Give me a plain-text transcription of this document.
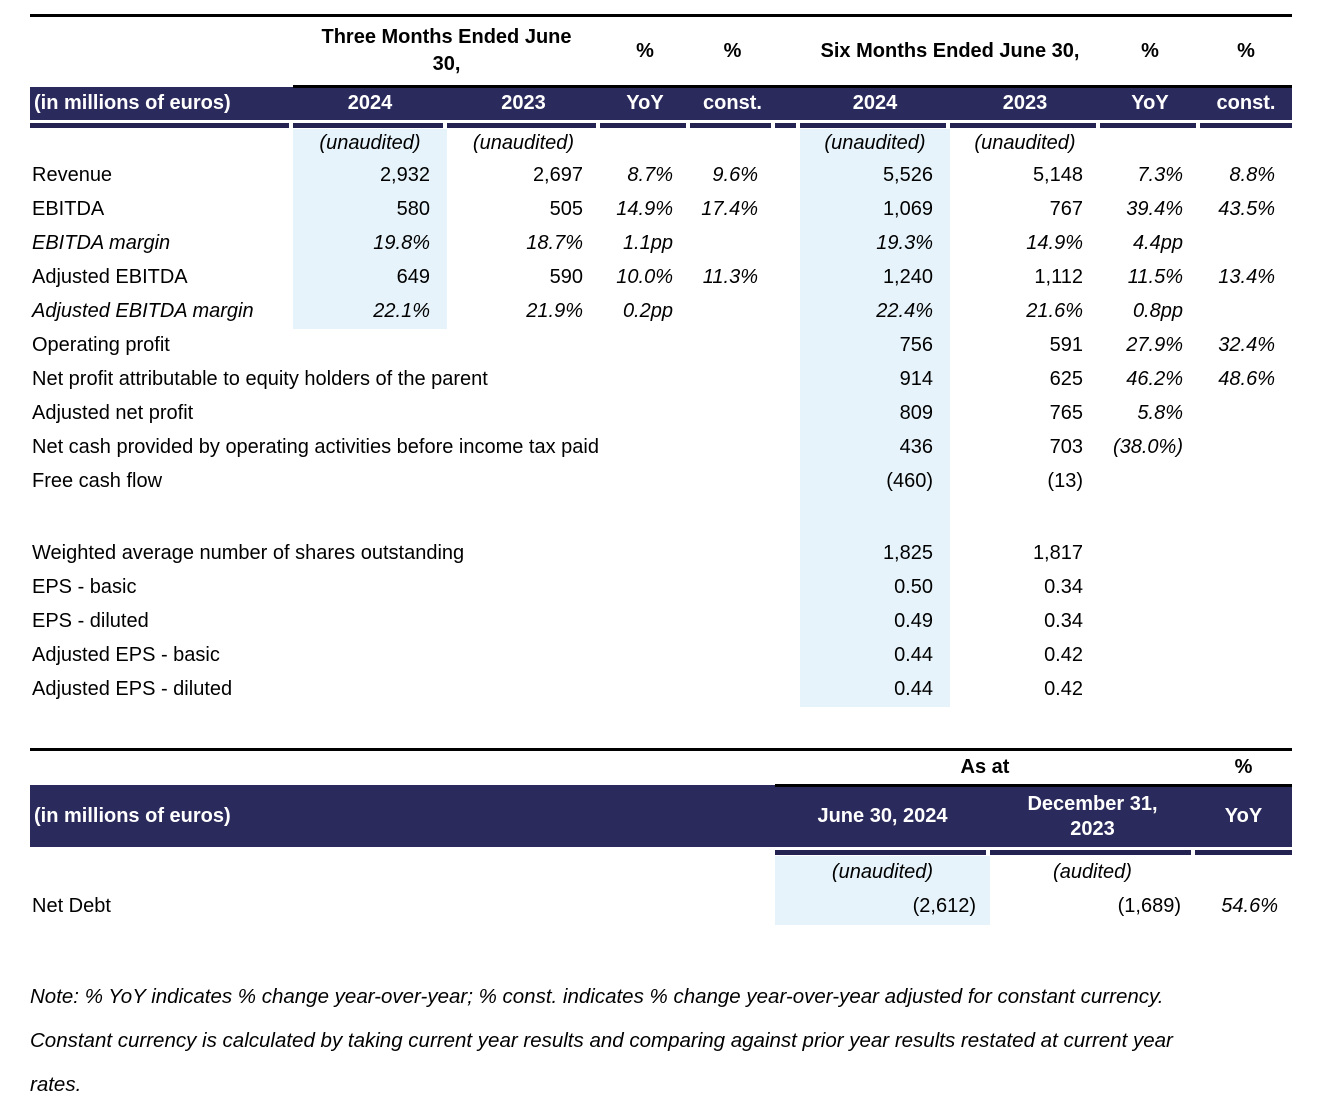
	Three Months Ended June 30,		%	%		Six Months Ended June 30,		%	%
(in millions of euros)	2024	2023	YoY	const.		2024	2023	YoY	const.

	(unaudited)	(unaudited)				(unaudited)	(unaudited)		
Revenue	2,932	2,697	8.7%	9.6%		5,526	5,148	7.3%	8.8%
EBITDA	580	505	14.9%	17.4%		1,069	767	39.4%	43.5%
EBITDA margin	19.8%	18.7%	1.1pp			19.3%	14.9%	4.4pp	
Adjusted EBITDA	649	590	10.0%	11.3%		1,240	1,112	11.5%	13.4%
Adjusted EBITDA margin	22.1%	21.9%	0.2pp			22.4%	21.6%	0.8pp	
Operating profit						756	591	27.9%	32.4%
Net profit attributable to equity holders of the parent						914	625	46.2%	48.6%
Adjusted net profit						809	765	5.8%	
Net cash provided by operating activities before income tax paid						436	703	(38.0%)	
Free cash flow						(460)	(13)		

Weighted average number of shares outstanding						1,825	1,817		
EPS - basic						0.50	0.34		
EPS - diluted						0.49	0.34		
Adjusted EPS - basic						0.44	0.42		
Adjusted EPS - diluted						0.44	0.42		
	As at		%
(in millions of euros)	June 30, 2024	December 31, 2023	YoY

	(unaudited)	(audited)	
Net Debt	(2,612)	(1,689)	54.6%
Note: % YoY indicates % change year-over-year; % const. indicates % change year-over-year adjusted for constant currency.
Constant currency is calculated by taking current year results and comparing against prior year results restated at current year
rates.
